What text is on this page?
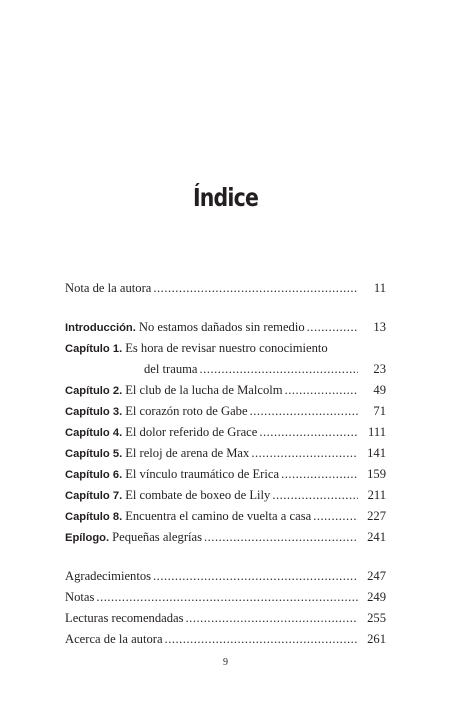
Índice
Nota de la autora .....	11
Introducción. No estamos dañados sin remedio .....	13
Capítulo 1. Es hora de revisar nuestro conocimiento
del trauma .....	23
Capítulo 2. El club de la lucha de Malcolm .....	49
Capítulo 3. El corazón roto de Gabe .....	71
Capítulo 4. El dolor referido de Grace .....	111
Capítulo 5. El reloj de arena de Max .....	141
Capítulo 6. El vínculo traumático de Erica .....	159
Capítulo 7. El combate de boxeo de Lily .....	211
Capítulo 8. Encuentra el camino de vuelta a casa .....	227
Epílogo. Pequeñas alegrías .....	241
Agradecimientos .....	247
Notas .....	249
Lecturas recomendadas .....	255
Acerca de la autora .....	261
9
